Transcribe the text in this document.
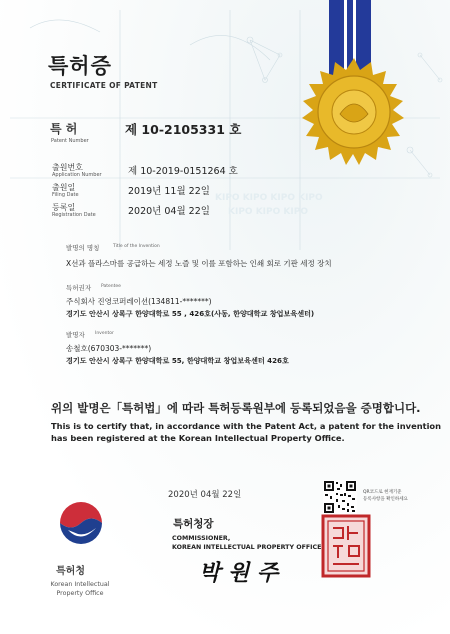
KIPO KIPO KIPO KIPO
KIPO KIPO KIPO
특허증
CERTIFICATE OF PATENT
특 허
Patent Number
제 10-2105331 호
출원번호
Application Number	제 10-2019-0151264 호
출원일
Filing Date	2019년 11월 22일
등록일
Registration Date	2020년 04월 22일
발명의 명칭	Title of the Invention
X선과 플라스마를 공급하는 세정 노즐 및 이를 포함하는 인쇄 회로 기판 세정 장치
특허권자 Patentee
주식회사 진영코퍼레이션(134811-*******)
경기도 안산시 상록구 한양대학로 55 , 426호(사동, 한양대학교 창업보육센터)
발명자 Inventor
송철호(670303-*******)
경기도 안산시 상록구 한양대학로 55, 한양대학교 창업보육센터 426호
위의 발명은「특허법」에 따라 특허등록원부에 등록되었음을 증명합니다.
This is to certify that, in accordance with the Patent Act, a patent for the invention
has been registered at the Korean Intellectual Property Office.
2020년 04월 22일	QR코드로 현재기준
등록사항을 확인하세요
특허청장
COMMISSIONER,
KOREAN INTELLECTUAL PROPERTY OFFICE
박 원 주
특허청
Korean Intellectual
Property Office
